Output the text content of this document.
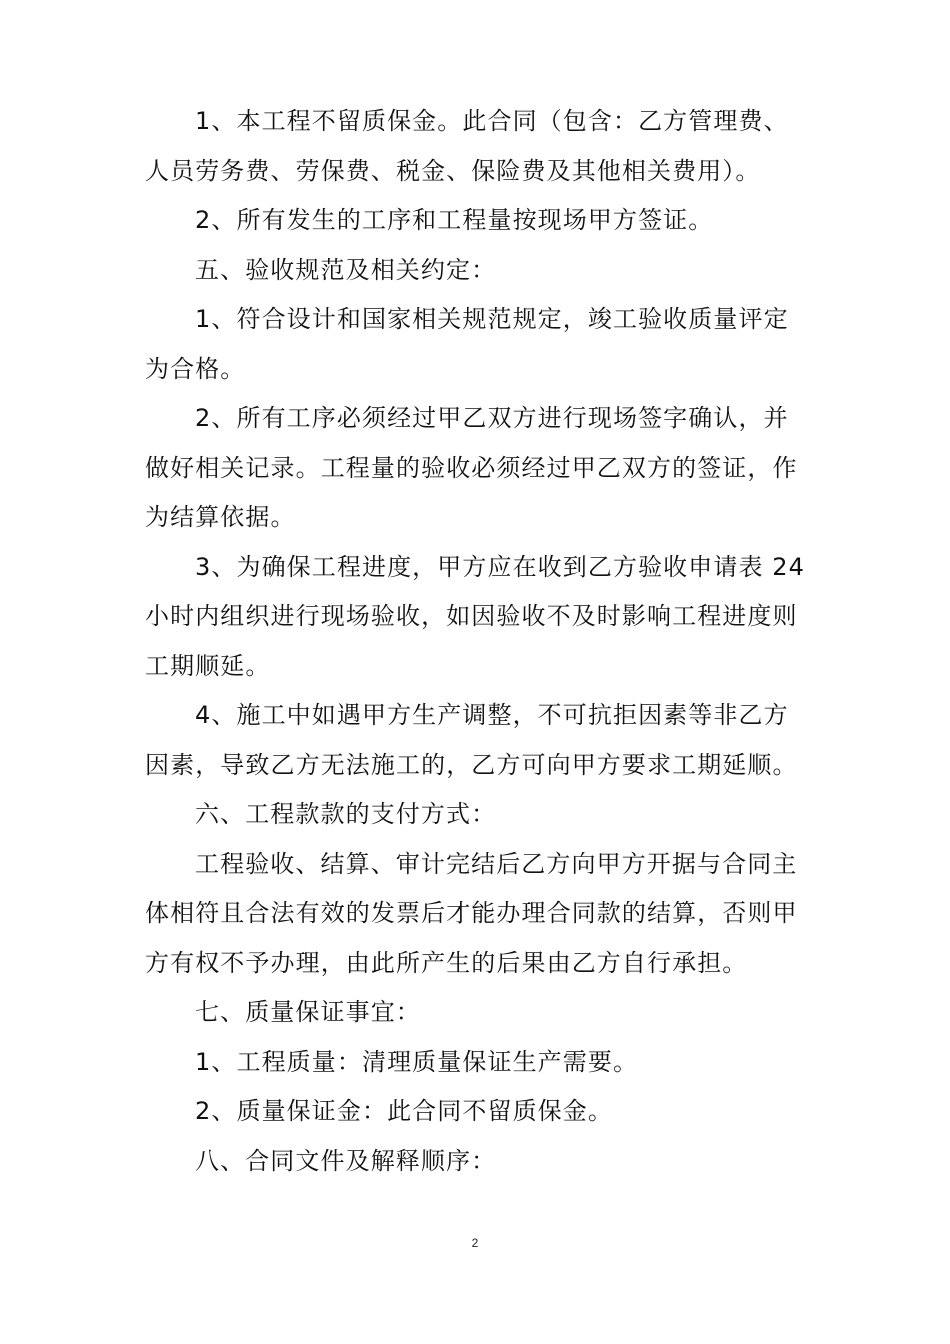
1、本工程不留质保金。此合同（包含：乙方管理费、
人员劳务费、劳保费、税金、保险费及其他相关费用）。

2、所有发生的工序和工程量按现场甲方签证。

五、验收规范及相关约定：

1、符合设计和国家相关规范规定，竣工验收质量评定
为合格。

2、所有工序必须经过甲乙双方进行现场签字确认，并
做好相关记录。工程量的验收必须经过甲乙双方的签证，作
为结算依据。

3、为确保工程进度，甲方应在收到乙方验收申请表 24
小时内组织进行现场验收，如因验收不及时影响工程进度则
工期顺延。

4、施工中如遇甲方生产调整，不可抗拒因素等非乙方
因素，导致乙方无法施工的，乙方可向甲方要求工期延顺。

六、工程款款的支付方式：

工程验收、结算、审计完结后乙方向甲方开据与合同主
体相符且合法有效的发票后才能办理合同款的结算，否则甲
方有权不予办理，由此所产生的后果由乙方自行承担。

七、质量保证事宜：

1、工程质量：清理质量保证生产需要。

2、质量保证金：此合同不留质保金。

八、合同文件及解释顺序：

2
